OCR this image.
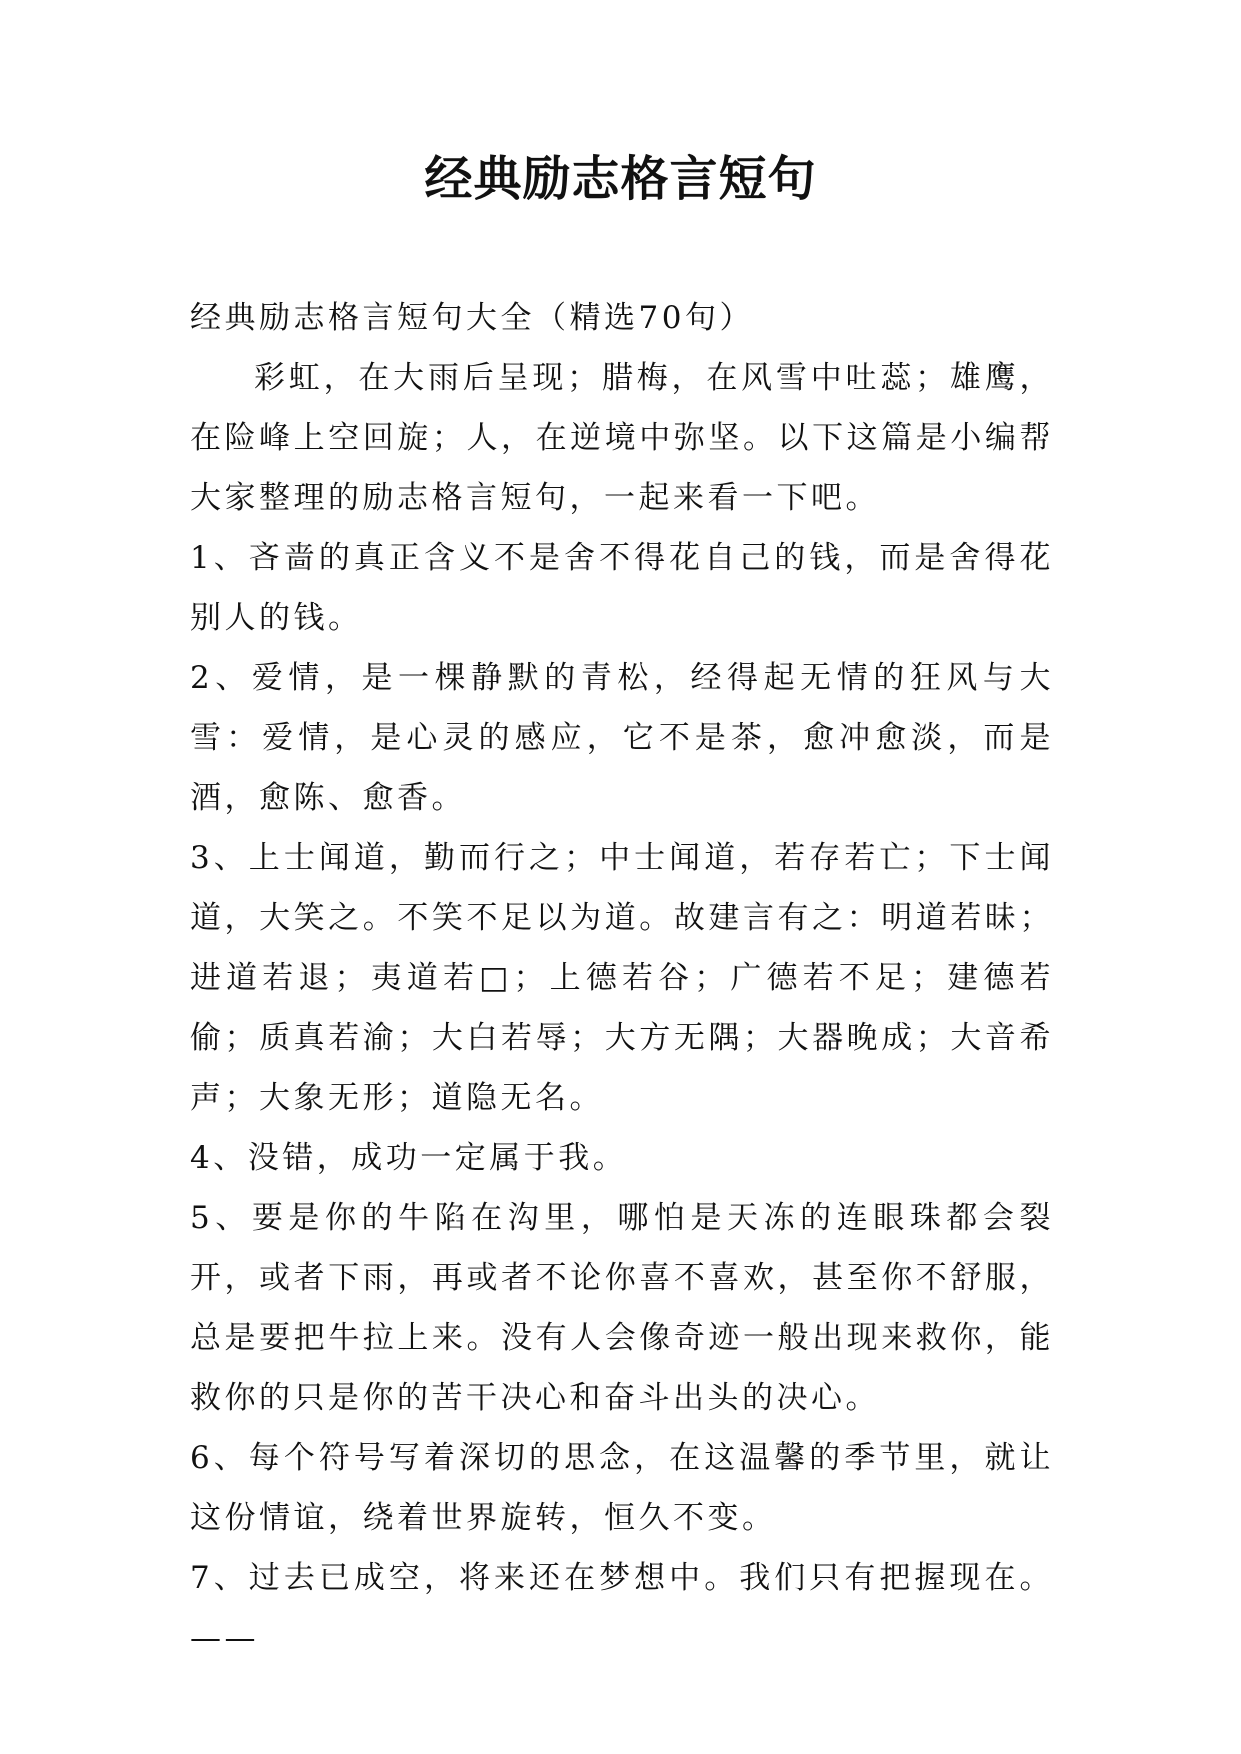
经典励志格言短句

经典励志格言短句大全（精选70句）

彩虹，在大雨后呈现；腊梅，在风雪中吐蕊；雄鹰，在险峰上空回旋；人，在逆境中弥坚。以下这篇是小编帮大家整理的励志格言短句，一起来看一下吧。

1、吝啬的真正含义不是舍不得花自己的钱，而是舍得花别人的钱。

2、爱情，是一棵静默的青松，经得起无情的狂风与大雪：爱情，是心灵的感应，它不是茶，愈冲愈淡，而是酒，愈陈、愈香。

3、上士闻道，勤而行之；中士闻道，若存若亡；下士闻道，大笑之。不笑不足以为道。故建言有之：明道若昧；进道若退；夷道若□；上德若谷；广德若不足；建德若偷；质真若渝；大白若辱；大方无隅；大器晚成；大音希声；大象无形；道隐无名。

4、没错，成功一定属于我。

5、要是你的牛陷在沟里，哪怕是天冻的连眼珠都会裂开，或者下雨，再或者不论你喜不喜欢，甚至你不舒服，总是要把牛拉上来。没有人会像奇迹一般出现来救你，能救你的只是你的苦干决心和奋斗出头的决心。

6、每个符号写着深切的思念，在这温馨的季节里，就让这份情谊，绕着世界旋转，恒久不变。

7、过去已成空，将来还在梦想中。我们只有把握现在。——
